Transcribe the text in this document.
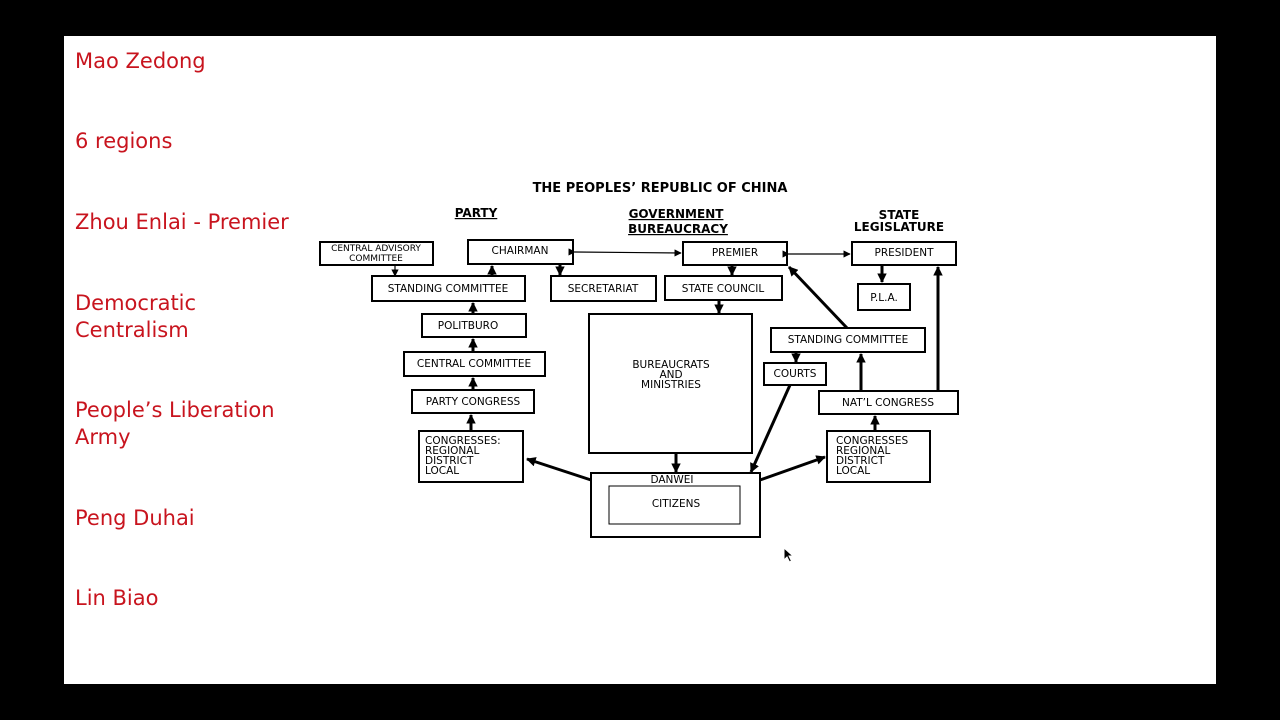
Mao Zedong
6 regions
Zhou Enlai - Premier
Democratic
Centralism
People’s Liberation
Army
Peng Duhai
Lin Biao
THE PEOPLES’ REPUBLIC OF CHINA
PARTY	GOVERNMENT
BUREAUCRACY
STATE
LEGISLATURE
CENTRAL ADVISORY
COMMITTEE
CHAIRMAN
STANDING COMMITTEE	SECRETARIAT
POLITBURO
CENTRAL COMMITTEE
PARTY CONGRESS
CONGRESSES:
REGIONAL
DISTRICT
LOCAL
PREMIER
STATE COUNCIL
BUREAUCRATS
AND
MINISTRIES
DANWEI
CITIZENS
PRESIDENT
P.L.A.
STANDING COMMITTEE
COURTS
NAT’L CONGRESS
CONGRESSES
REGIONAL
DISTRICT
LOCAL
